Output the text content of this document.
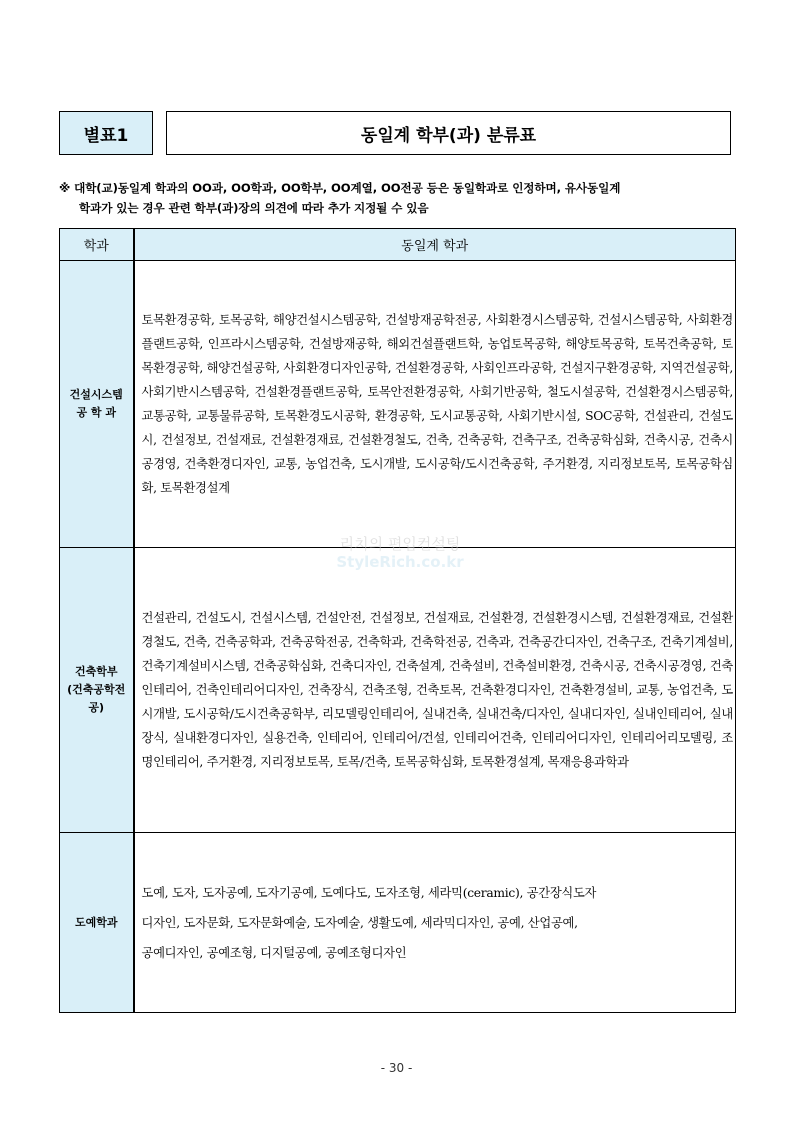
별표1	동일계 학부(과) 분류표
※ 대학(교)동일계 학과의 OO과, OO학과, OO학부, OO계열, OO전공 등은 동일학과로 인정하며, 유사동일계
학과가 있는 경우 관련 학부(과)장의 의견에 따라 추가 지정될 수 있음
학과	동일계 학과

건설시스템
공 학 과	토목환경공학, 토목공학, 해양건설시스템공학, 건설방재공학전공, 사회환경시스템공학, 건설시스템공학, 사회환경플랜트공학, 인프라시스템공학, 건설방재공학, 해외건설플랜트학, 농업토목공학, 해양토목공학, 토목건축공학, 토목환경공학, 해양건설공학, 사회환경디자인공학, 건설환경공학, 사회인프라공학, 건설지구환경공학, 지역건설공학, 사회기반시스템공학, 건설환경플랜트공학, 토목안전환경공학, 사회기반공학, 철도시설공학, 건설환경시스템공학, 교통공학, 교통물류공학, 토목환경도시공학, 환경공학, 도시교통공학, 사회기반시설, SOC공학, 건설관리, 건설도시, 건설정보, 건설재료, 건설환경재료, 건설환경철도, 건축, 건축공학, 건축구조, 건축공학심화, 건축시공, 건축시공경영, 건축환경디자인, 교통, 농업건축, 도시개발, 도시공학/도시건축공학, 주거환경, 지리정보토목, 토목공학심화, 토목환경설계

건축학부
(건축공학전공)	건설관리, 건설도시, 건설시스템, 건설안전, 건설정보, 건설재료, 건설환경, 건설환경시스템, 건설환경재료, 건설환경철도, 건축, 건축공학과, 건축공학전공, 건축학과, 건축학전공, 건축과, 건축공간디자인, 건축구조, 건축기계설비, 건축기계설비시스템, 건축공학심화, 건축디자인, 건축설계, 건축설비, 건축설비환경, 건축시공, 건축시공경영, 건축인테리어, 건축인테리어디자인, 건축장식, 건축조형, 건축토목, 건축환경디자인, 건축환경설비, 교통, 농업건축, 도시개발, 도시공학/도시건축공학부, 리모델링인테리어, 실내건축, 실내건축/디자인, 실내디자인, 실내인테리어, 실내장식, 실내환경디자인, 실용건축, 인테리어, 인테리어/건설, 인테리어건축, 인테리어디자인, 인테리어리모델링, 조명인테리어, 주거환경, 지리정보토목, 토목/건축, 토목공학심화, 토목환경설계, 목재응용과학과

도예학과	도예, 도자, 도자공예, 도자기공예, 도예다도, 도자조형, 세라믹(ceramic), 공간장식도자
디자인, 도자문화, 도자문화예술, 도자예술, 생활도예, 세라믹디자인, 공예, 산업공예,
공예디자인, 공예조형, 디지털공예, 공예조형디자인
리치의 편입컨설팅
StyleRich.co.kr
- 30 -
